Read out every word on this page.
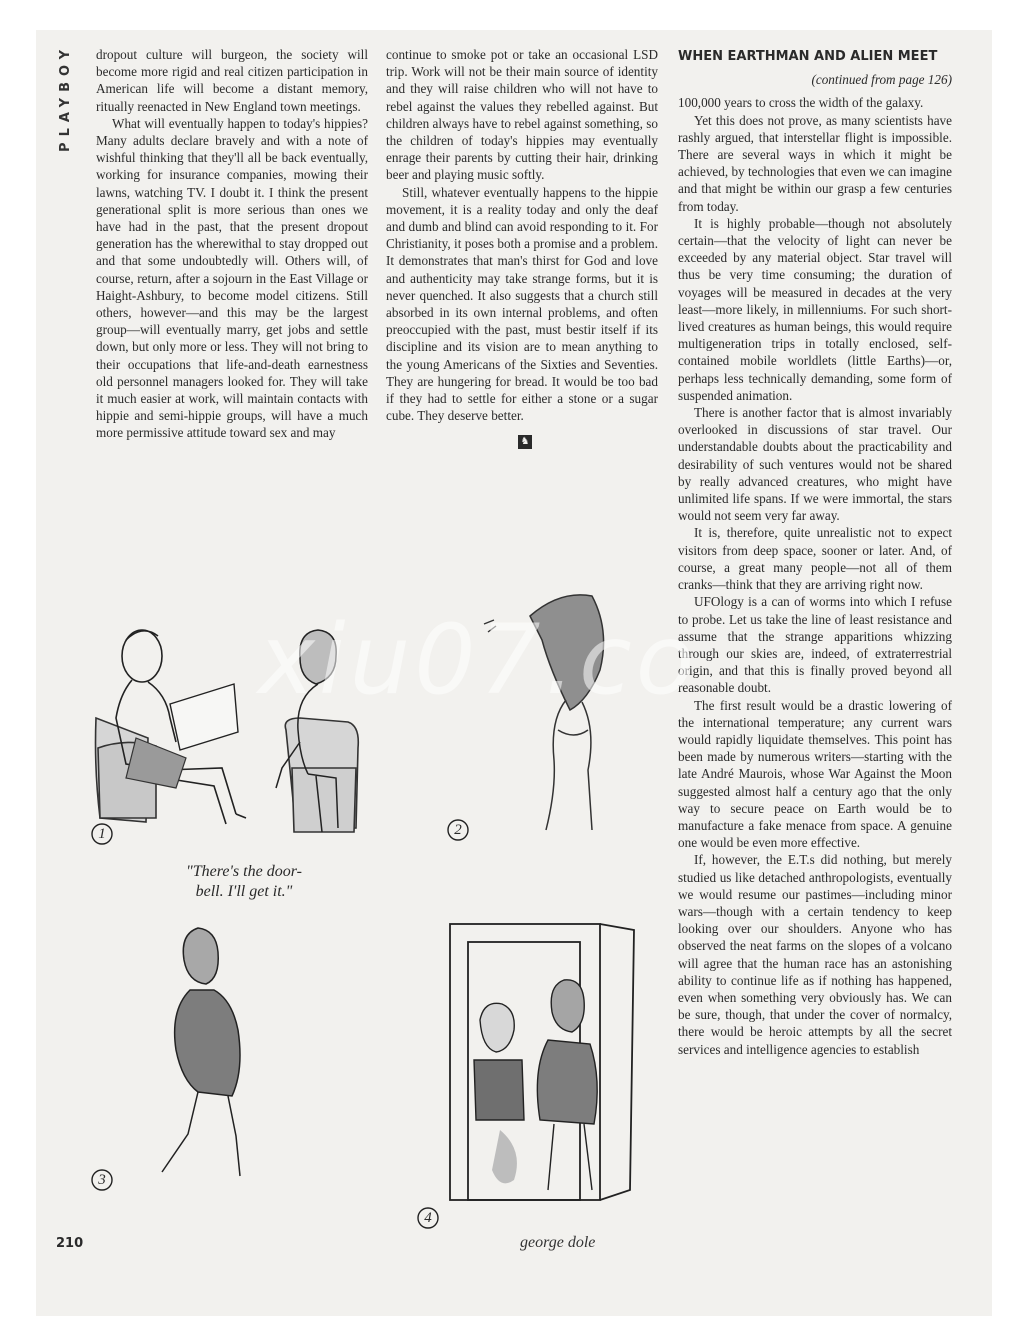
PLAYBOY	dropout culture will burgeon, the society will become more rigid and real citizen participation in American life will become a distant memory, ritually reenacted in New England town meetings.

What will eventually happen to today's hippies? Many adults declare bravely and with a note of wishful thinking that they'll all be back eventually, working for insurance companies, mowing their lawns, watching TV. I doubt it. I think the present generational split is more serious than ones we have had in the past, that the present dropout generation has the wherewithal to stay dropped out and that some undoubtedly will. Others will, of course, return, after a sojourn in the East Village or Haight-Ashbury, to become model citizens. Still others, however—and this may be the largest group—will eventually marry, get jobs and settle down, but only more or less. They will not bring to their occupations that life-and-death earnestness old personnel managers looked for. They will take it much easier at work, will maintain contacts with hippie and semi-hippie groups, will have a much more permissive attitude toward sex and may

continue to smoke pot or take an occasional LSD trip. Work will not be their main source of identity and they will raise children who will not have to rebel against the values they rebelled against. But children always have to rebel against something, so the children of today's hippies may eventually enrage their parents by cutting their hair, drinking beer and playing music softly.

Still, whatever eventually happens to the hippie movement, it is a reality today and only the deaf and dumb and blind can avoid responding to it. For Christianity, it poses both a promise and a problem. It demonstrates that man's thirst for God and love and authenticity may take strange forms, but it is never quenched. It also suggests that a church still absorbed in its own internal problems, and often preoccupied with the past, must bestir itself if its discipline and its vision are to mean anything to the young Americans of the Sixties and Seventies. They are hungering for bread. It would be too bad if they had to settle for either a stone or a sugar cube. They deserve better.

♞
WHEN EARTHMAN AND ALIEN MEET
(continued from page 126)

100,000 years to cross the width of the galaxy.

Yet this does not prove, as many scientists have rashly argued, that interstellar flight is impossible. There are several ways in which it might be achieved, by technologies that even we can imagine and that might be within our grasp a few centuries from today.

It is highly probable—though not absolutely certain—that the velocity of light can never be exceeded by any material object. Star travel will thus be very time consuming; the duration of voyages will be measured in decades at the very least—more likely, in millenniums. For such short-lived creatures as human beings, this would require multigeneration trips in totally enclosed, self-contained mobile worldlets (little Earths)—or, perhaps less technically demanding, some form of suspended animation.

There is another factor that is almost invariably overlooked in discussions of star travel. Our understandable doubts about the practicability and desirability of such ventures would not be shared by really advanced creatures, who might have unlimited life spans. If we were immortal, the stars would not seem very far away.

It is, therefore, quite unrealistic not to expect visitors from deep space, sooner or later. And, of course, a great many people—not all of them cranks—think that they are arriving right now.

UFOlogy is a can of worms into which I refuse to probe. Let us take the line of least resistance and assume that the strange apparitions whizzing through our skies are, indeed, of extraterrestrial origin, and that this is finally proved beyond all reasonable doubt.

The first result would be a drastic lowering of the international temperature; any current wars would rapidly liquidate themselves. This point has been made by numerous writers—starting with the late André Maurois, whose War Against the Moon suggested almost half a century ago that the only way to secure peace on Earth would be to manufacture a fake menace from space. A genuine one would be even more effective.

If, however, the E.T.s did nothing, but merely studied us like detached anthropologists, eventually we would resume our pastimes—including minor wars—though with a certain tendency to keep looking over our shoulders. Anyone who has observed the neat farms on the slopes of a volcano will agree that the human race has an astonishing ability to continue life as if nothing has happened, even when something very obviously has. We can be sure, though, that under the cover of normalcy, there would be heroic attempts by all the secret services and intelligence agencies to establish

1
"There's the door-
bell. I'll get it."
2
3
4
george dole
210
xiu07.co
